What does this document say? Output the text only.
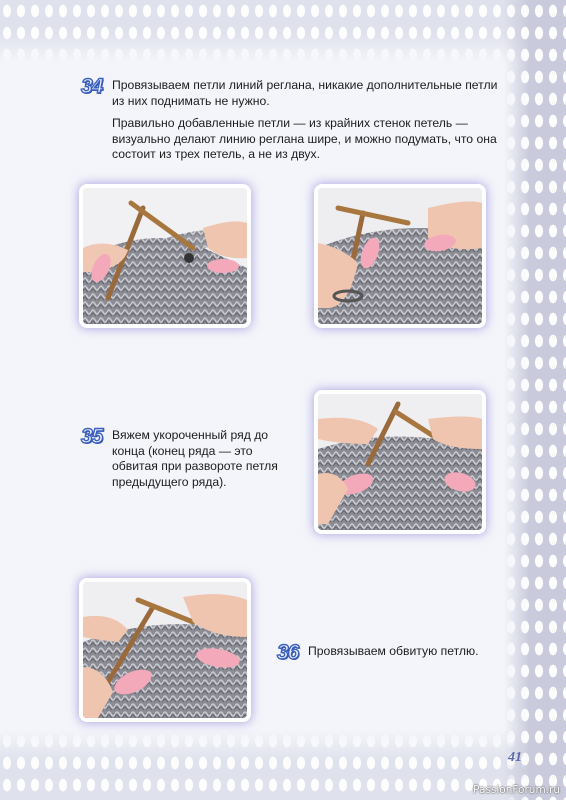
34 Провязываем петли линий реглана, никакие дополнительные петли из них поднимать не нужно.
Правильно добавленные петли — из крайних стенок петель — визуально делают линию реглана шире, и можно подумать, что она состоит из трех петель, а не из двух.
35 Вяжем укороченный ряд до конца (конец ряда — это обвитая при развороте петля предыдущего ряда).
36 Провязываем обвитую петлю.
41
PassionForum.ru
